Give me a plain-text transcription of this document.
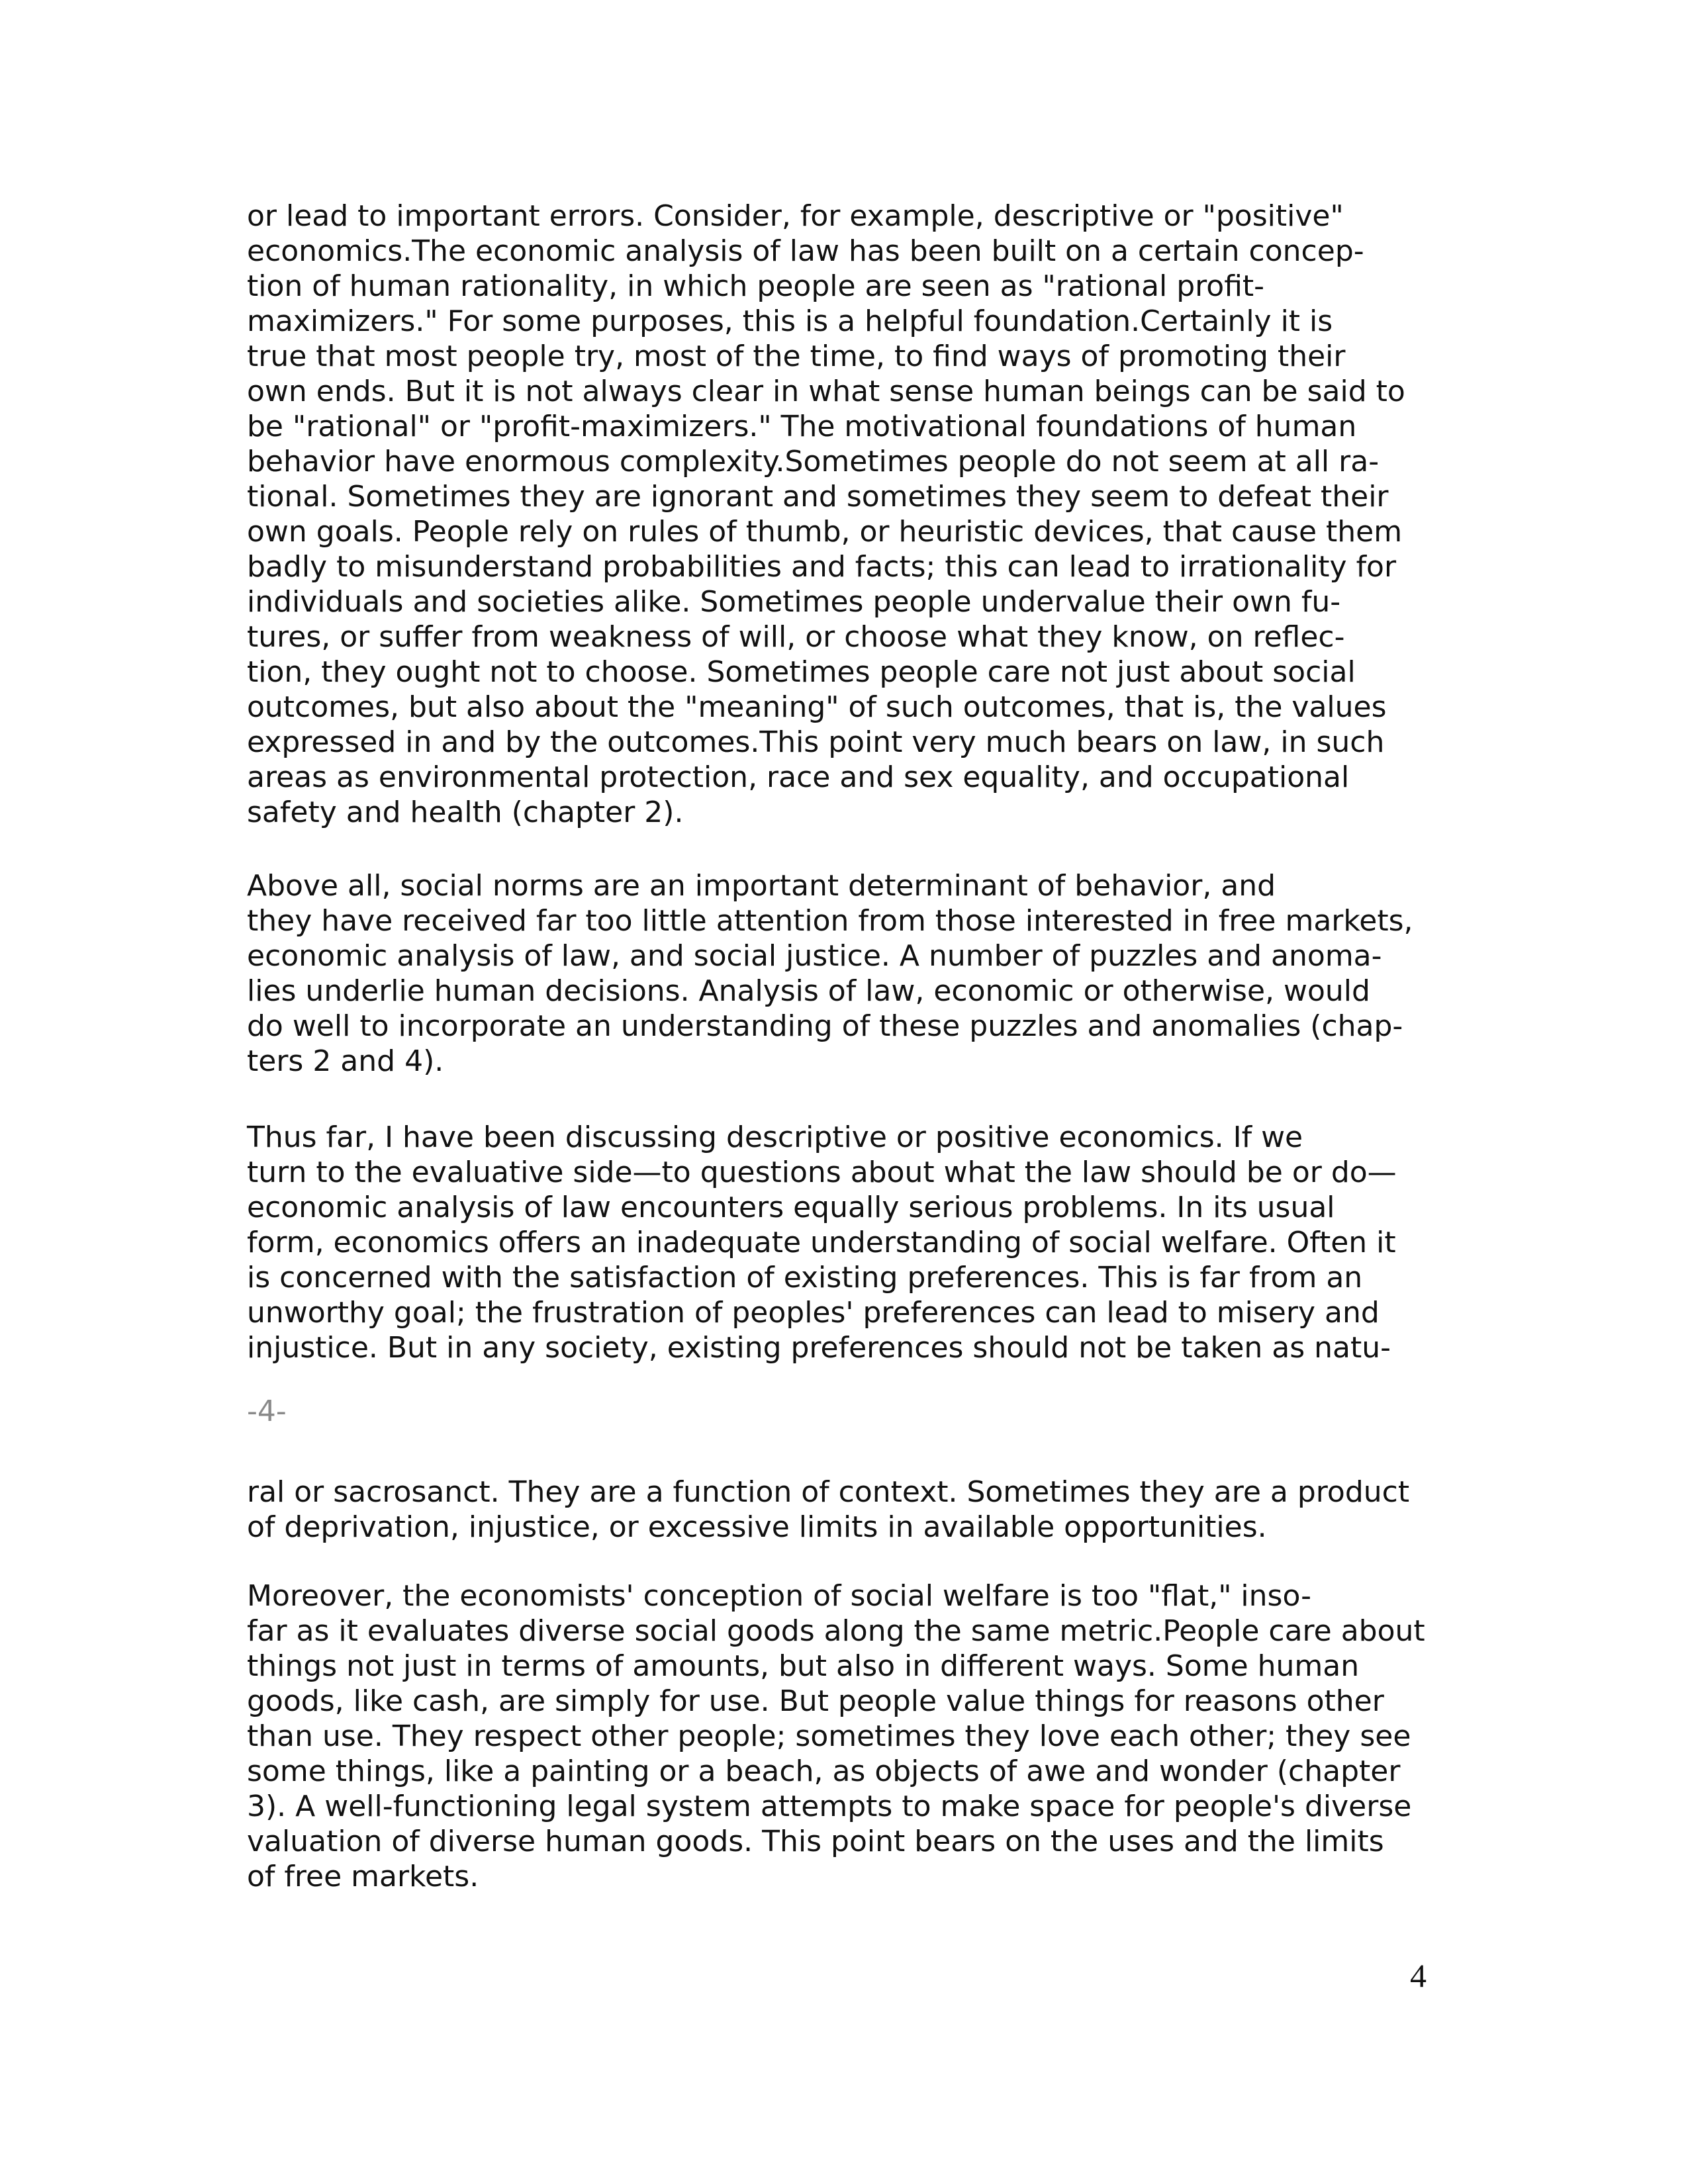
or lead to important errors. Consider, for example, descriptive or "positive"
economics.The economic analysis of law has been built on a certain concep-
tion of human rationality, in which people are seen as "rational profit-
maximizers." For some purposes, this is a helpful foundation.Certainly it is
true that most people try, most of the time, to find ways of promoting their
own ends. But it is not always clear in what sense human beings can be said to
be "rational" or "profit-maximizers." The motivational foundations of human
behavior have enormous complexity.Sometimes people do not seem at all ra-
tional. Sometimes they are ignorant and sometimes they seem to defeat their
own goals. People rely on rules of thumb, or heuristic devices, that cause them
badly to misunderstand probabilities and facts; this can lead to irrationality for
individuals and societies alike. Sometimes people undervalue their own fu-
tures, or suffer from weakness of will, or choose what they know, on reflec-
tion, they ought not to choose. Sometimes people care not just about social
outcomes, but also about the "meaning" of such outcomes, that is, the values
expressed in and by the outcomes.This point very much bears on law, in such
areas as environmental protection, race and sex equality, and occupational
safety and health (chapter 2).
Above all, social norms are an important determinant of behavior, and
they have received far too little attention from those interested in free markets,
economic analysis of law, and social justice. A number of puzzles and anoma-
lies underlie human decisions. Analysis of law, economic or otherwise, would
do well to incorporate an understanding of these puzzles and anomalies (chap-
ters 2 and 4).
Thus far, I have been discussing descriptive or positive economics. If we
turn to the evaluative side—to questions about what the law should be or do—
economic analysis of law encounters equally serious problems. In its usual
form, economics offers an inadequate understanding of social welfare. Often it
is concerned with the satisfaction of existing preferences. This is far from an
unworthy goal; the frustration of peoples' preferences can lead to misery and
injustice. But in any society, existing preferences should not be taken as natu-
-4-
ral or sacrosanct. They are a function of context. Sometimes they are a product
of deprivation, injustice, or excessive limits in available opportunities.
Moreover, the economists' conception of social welfare is too "flat," inso-
far as it evaluates diverse social goods along the same metric.People care about
things not just in terms of amounts, but also in different ways. Some human
goods, like cash, are simply for use. But people value things for reasons other
than use. They respect other people; sometimes they love each other; they see
some things, like a painting or a beach, as objects of awe and wonder (chapter
3). A well-functioning legal system attempts to make space for people's diverse
valuation of diverse human goods. This point bears on the uses and the limits
of free markets.
4
